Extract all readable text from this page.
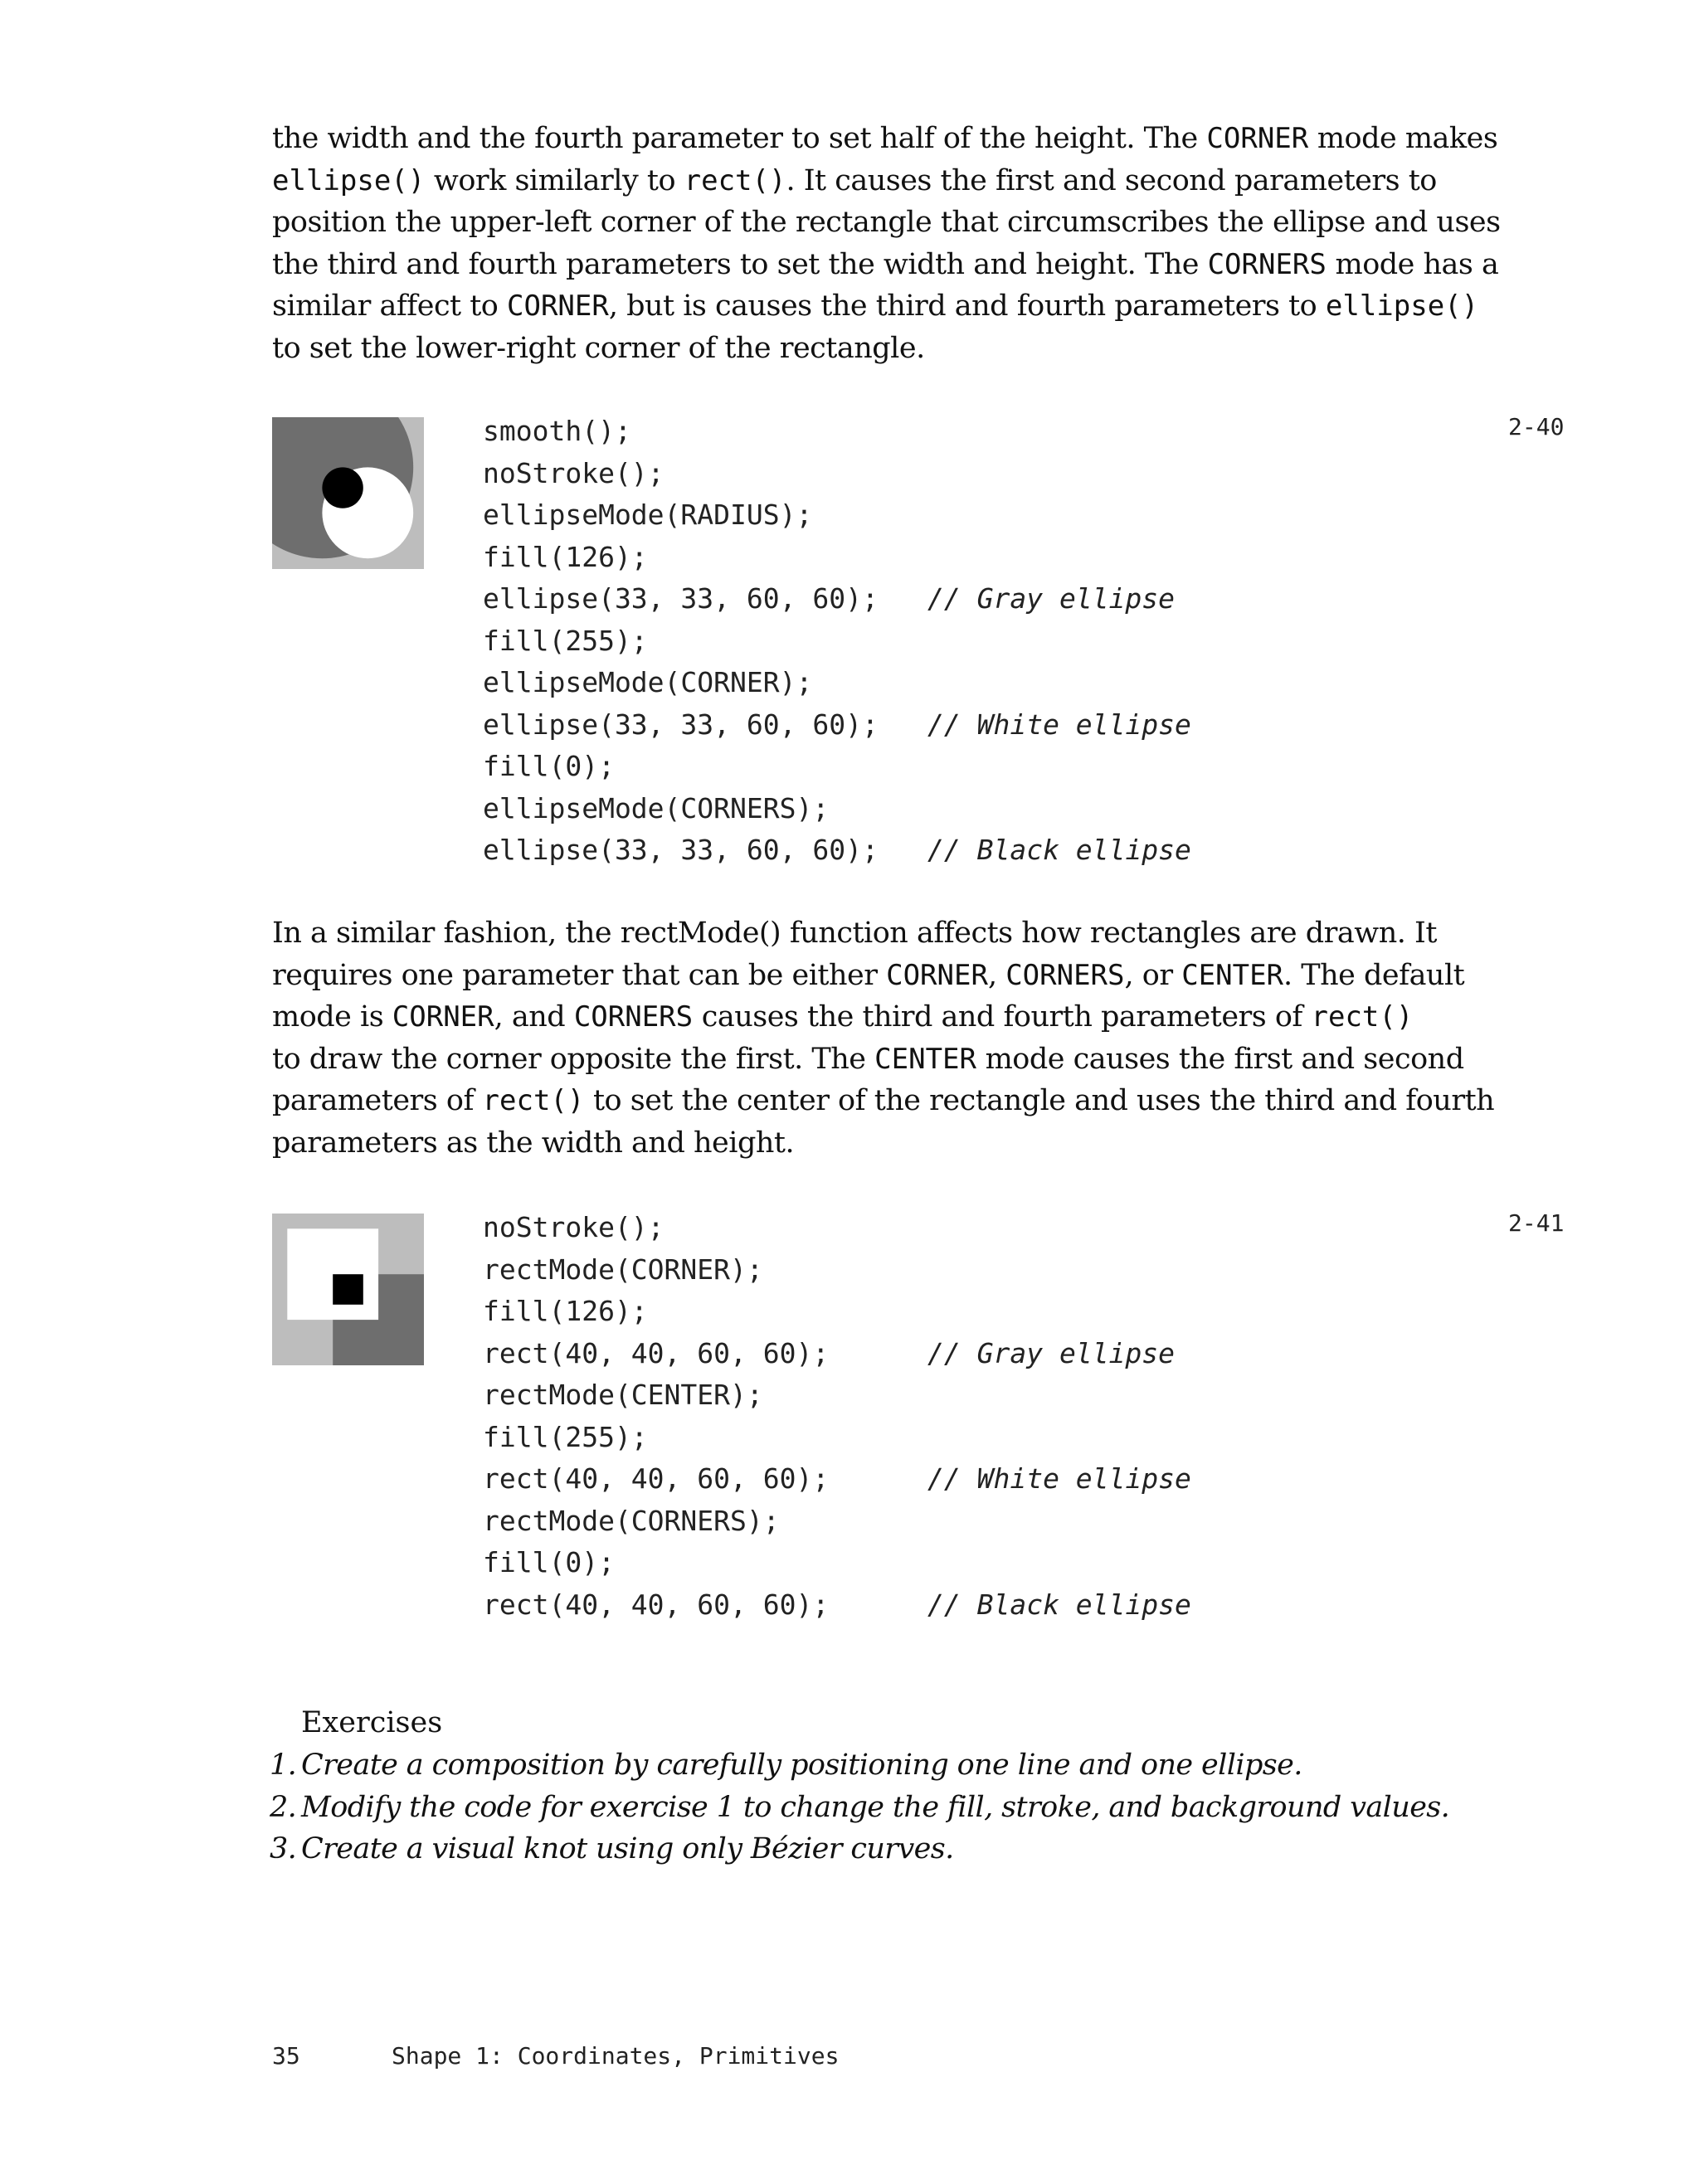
the width and the fourth parameter to set half of the height. The CORNER mode makes
ellipse() work similarly to rect(). It causes the first and second parameters to
position the upper-left corner of the rectangle that circumscribes the ellipse and uses
the third and fourth parameters to set the width and height. The CORNERS mode has a
similar affect to CORNER, but is causes the third and fourth parameters to ellipse()
to set the lower-right corner of the rectangle.
smooth();
noStroke();
ellipseMode(RADIUS);
fill(126);
ellipse(33, 33, 60, 60); // Gray ellipse
fill(255);
ellipseMode(CORNER);
ellipse(33, 33, 60, 60); // White ellipse
fill(0);
ellipseMode(CORNERS);
ellipse(33, 33, 60, 60); // Black ellipse
2-40
In a similar fashion, the rectMode() function affects how rectangles are drawn. It
requires one parameter that can be either CORNER, CORNERS, or CENTER. The default
mode is CORNER, and CORNERS causes the third and fourth parameters of rect()
to draw the corner opposite the first. The CENTER mode causes the first and second
parameters of rect() to set the center of the rectangle and uses the third and fourth
parameters as the width and height.
noStroke();
rectMode(CORNER);
fill(126);
rect(40, 40, 60, 60);	// Gray ellipse
rectMode(CENTER);
fill(255);
rect(40, 40, 60, 60);	// White ellipse
rectMode(CORNERS);
fill(0);
rect(40, 40, 60, 60);	// Black ellipse
2-41
Exercises
1. Create a composition by carefully positioning one line and one ellipse.
2. Modify the code for exercise 1 to change the fill, stroke, and background values.
3. Create a visual knot using only Bézier curves.
35	Shape 1: Coordinates, Primitives
